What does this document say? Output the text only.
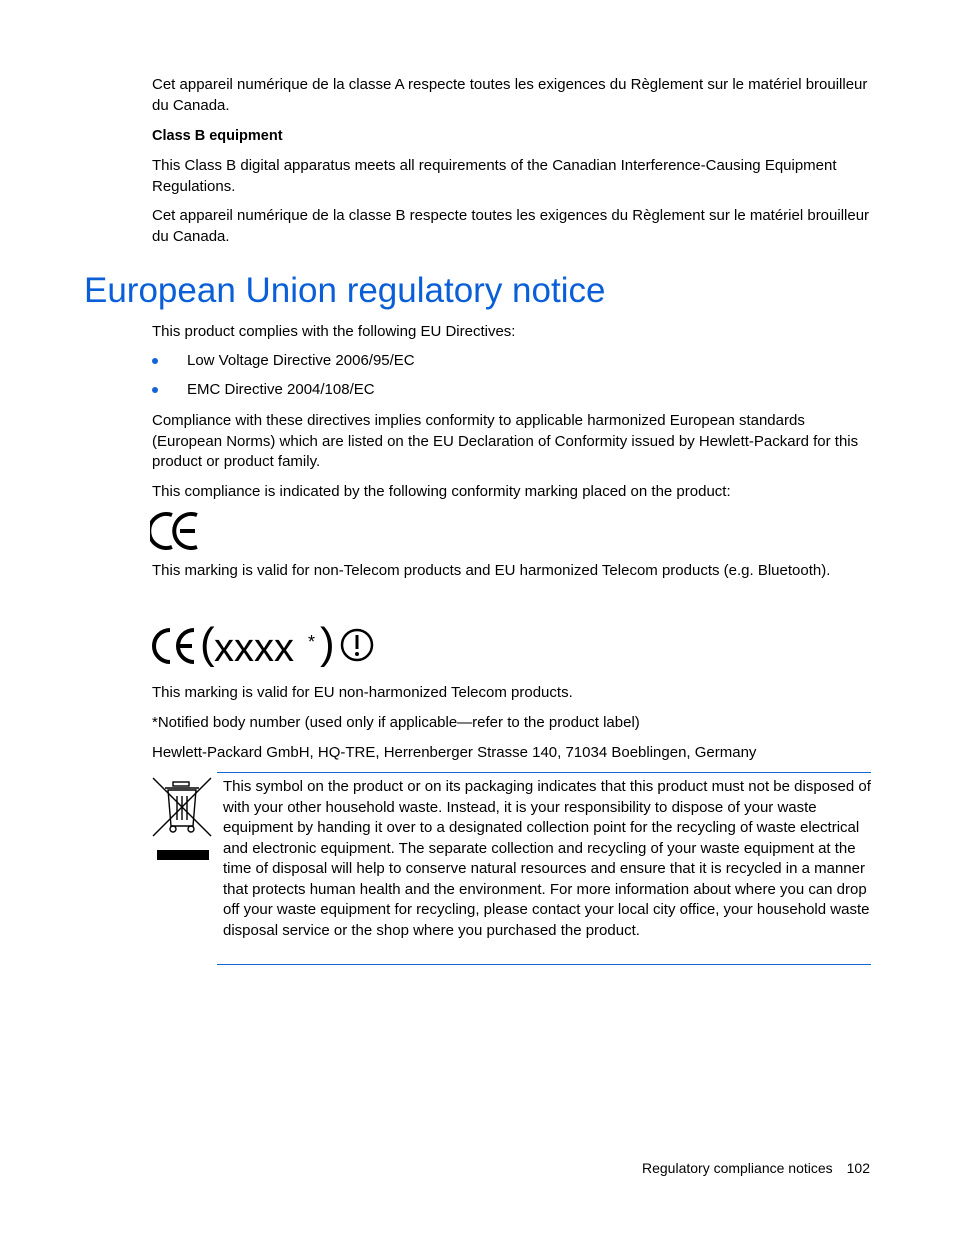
Cet appareil numérique de la classe A respecte toutes les exigences du Règlement sur le matériel brouilleur du Canada.

Class B equipment

This Class B digital apparatus meets all requirements of the Canadian Interference-Causing Equipment Regulations.

Cet appareil numérique de la classe B respecte toutes les exigences du Règlement sur le matériel brouilleur du Canada.

European Union regulatory notice

This product complies with the following EU Directives:

Low Voltage Directive 2006/95/EC
EMC Directive 2004/108/EC

Compliance with these directives implies conformity to applicable harmonized European standards (European Norms) which are listed on the EU Declaration of Conformity issued by Hewlett-Packard for this product or product family.

This compliance is indicated by the following conformity marking placed on the product:

This marking is valid for non-Telecom products and EU harmonized Telecom products (e.g. Bluetooth).

( xxxx * )

This marking is valid for EU non-harmonized Telecom products.

*Notified body number (used only if applicable—refer to the product label)

Hewlett-Packard GmbH, HQ-TRE, Herrenberger Strasse 140, 71034 Boeblingen, Germany

This symbol on the product or on its packaging indicates that this product must not be disposed of with your other household waste. Instead, it is your responsibility to dispose of your waste equipment by handing it over to a designated collection point for the recycling of waste electrical and electronic equipment. The separate collection and recycling of your waste equipment at the time of disposal will help to conserve natural resources and ensure that it is recycled in a manner that protects human health and the environment. For more information about where you can drop off your waste equipment for recycling, please contact your local city office, your household waste disposal service or the shop where you purchased the product.

Regulatory compliance notices 102
